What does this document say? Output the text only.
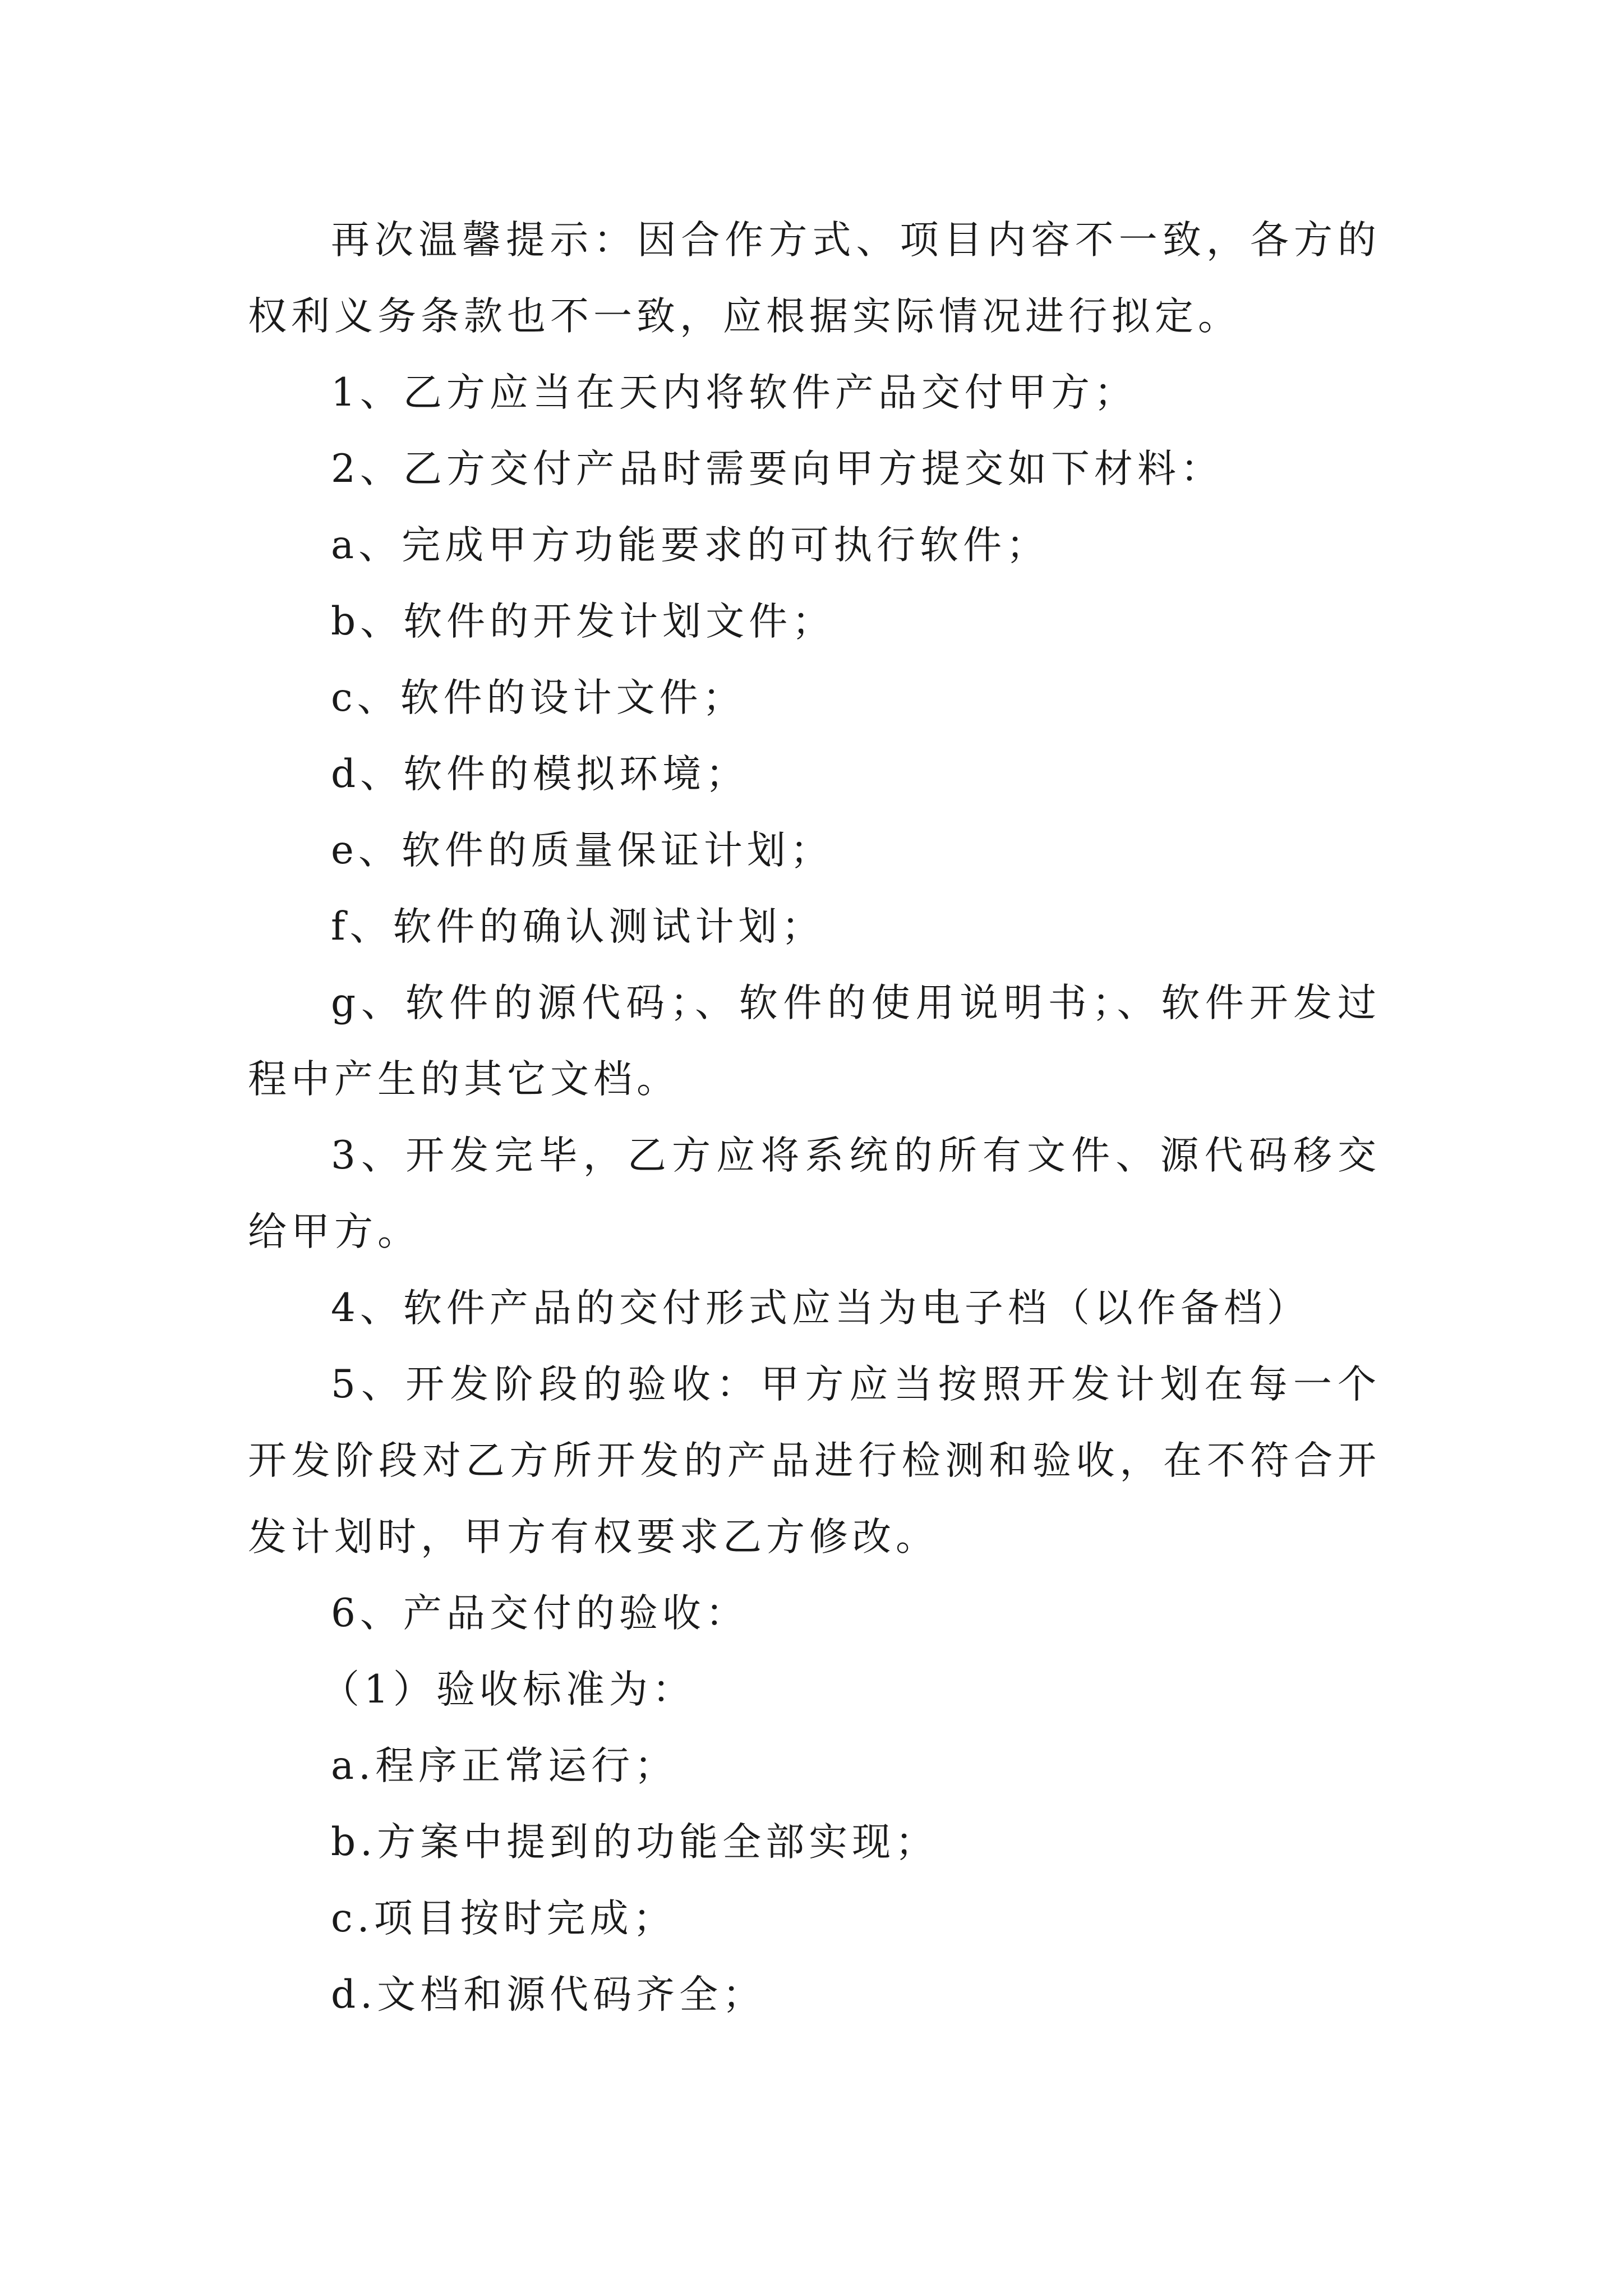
再次温馨提示：因合作方式、项目内容不一致，各方的权利义务条款也不一致，应根据实际情况进行拟定。

1、乙方应当在天内将软件产品交付甲方；

2、乙方交付产品时需要向甲方提交如下材料：

a、完成甲方功能要求的可执行软件；

b、软件的开发计划文件；

c、软件的设计文件；

d、软件的模拟环境；

e、软件的质量保证计划；

f、软件的确认测试计划；

g、软件的源代码；、软件的使用说明书；、软件开发过程中产生的其它文档。

3、开发完毕，乙方应将系统的所有文件、源代码移交给甲方。

4、软件产品的交付形式应当为电子档（以作备档）

5、开发阶段的验收：甲方应当按照开发计划在每一个开发阶段对乙方所开发的产品进行检测和验收，在不符合开发计划时，甲方有权要求乙方修改。

6、产品交付的验收：

（1）验收标准为：

a.程序正常运行；

b.方案中提到的功能全部实现；

c.项目按时完成；

d.文档和源代码齐全；
